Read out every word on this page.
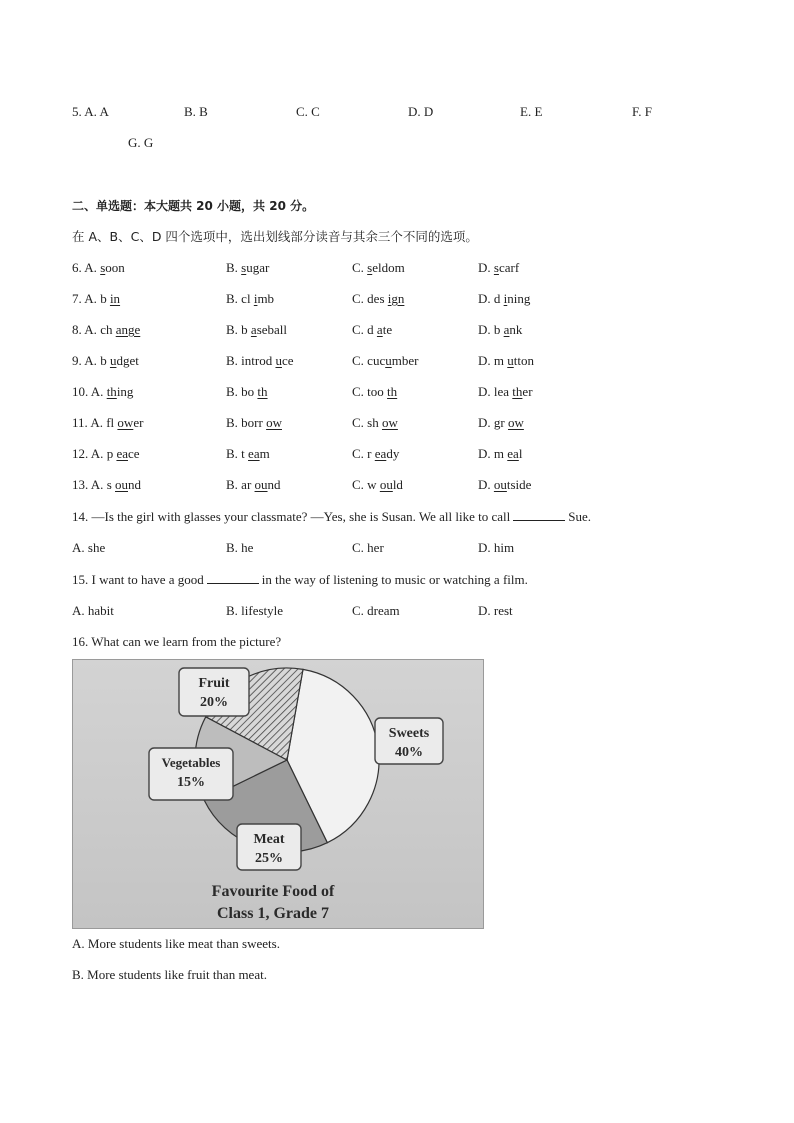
5. A. A	B. B	C. C	D. D	E. E	F. F
G. G
二、单选题：本大题共 20 小题，共 20 分。
在 A、B、C、D 四个选项中，选出划线部分读音与其余三个不同的选项。
6. A. soon	B. sugar	C. seldom	D. scarf
7. A. b in	B. cl imb	C. des ign	D. d ining
8. A. ch ange	B. b aseball	C. d ate	D. b ank
9. A. b udget	B. introd uce	C. cucumber	D. m utton
10. A. thing	B. bo th	C. too th	D. lea ther
11. A. fl ower	B. borr ow	C. sh ow	D. gr ow
12. A. p eace	B. t eam	C. r eady	D. m eal
13. A. s ound	B. ar ound	C. w ould	D. outside
14. —Is the girl with glasses your classmate? —Yes, she is Susan. We all like to call	Sue.
A. she	B. he	C. her	D. him
15. I want to have a good	in the way of listening to music or watching a film.
A. habit	B. lifestyle	C. dream	D. rest
16. What can we learn from the picture?
Sweets
40%
Meat
25%
Vegetables
15%
Fruit
20%
Favourite Food of
Class 1, Grade 7
A. More students like meat than sweets.
B. More students like fruit than meat.
